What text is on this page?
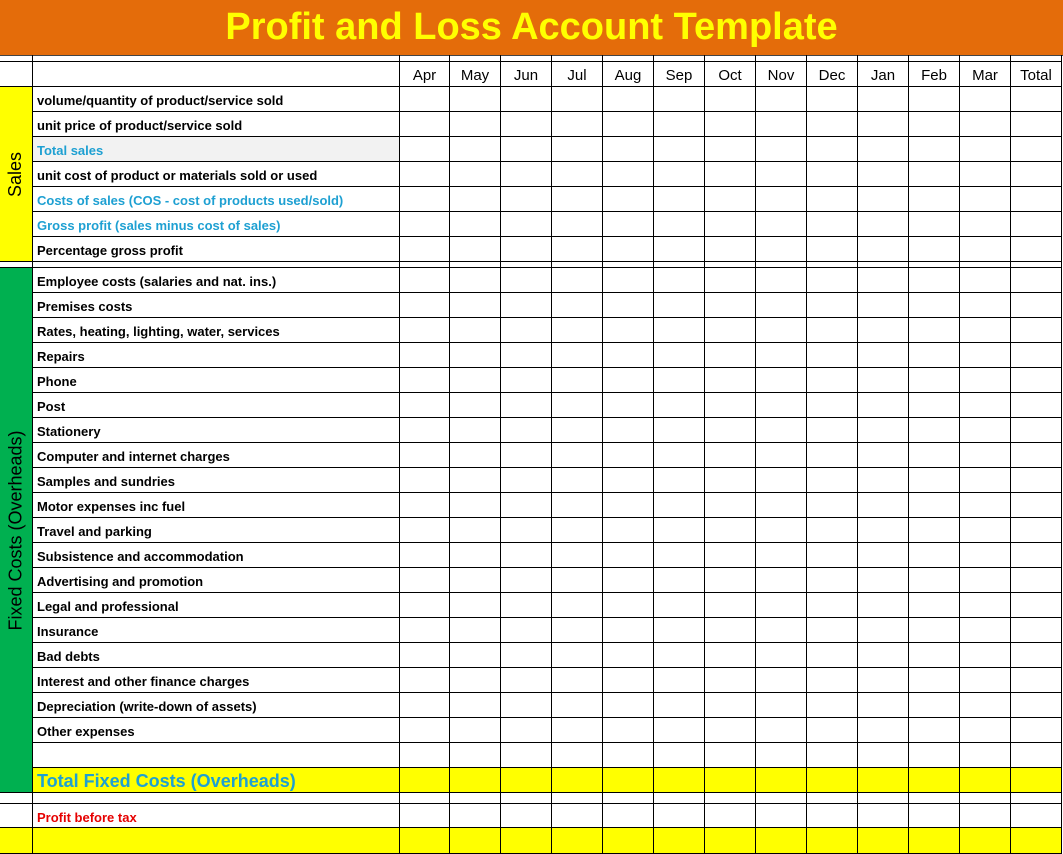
Profit and Loss Account Template
Apr	May	Jun	Jul	Aug	Sep	Oct	Nov	Dec	Jan	Feb	Mar	Total
volume/quantity of product/service sold
unit price of product/service sold
Total sales
unit cost of product or materials sold or used
Costs of sales (COS - cost of products used/sold)
Gross profit (sales minus cost of sales)
Percentage gross profit
Employee costs (salaries and nat. ins.)
Premises costs
Rates, heating, lighting, water, services
Repairs
Phone
Post
Stationery
Computer and internet charges
Samples and sundries
Motor expenses inc fuel
Travel and parking
Subsistence and accommodation
Advertising and promotion
Legal and professional
Insurance
Bad debts
Interest and other finance charges
Depreciation (write-down of assets)
Other expenses
Total Fixed Costs (Overheads)
Profit before tax
Sales
Fixed Costs (Overheads)
